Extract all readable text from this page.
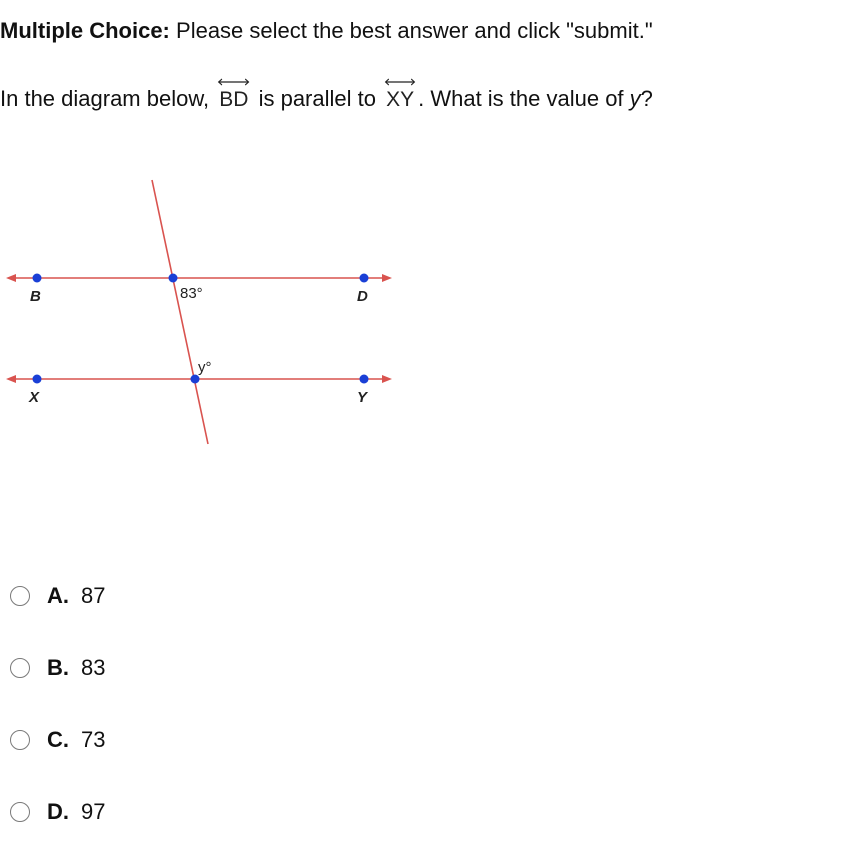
Multiple Choice: Please select the best answer and click "submit."
In the diagram below, BD is parallel to XY . What is the value of y?
B	D
X	Y
83°
y°
A. 87
B. 83
C. 73
D. 97
